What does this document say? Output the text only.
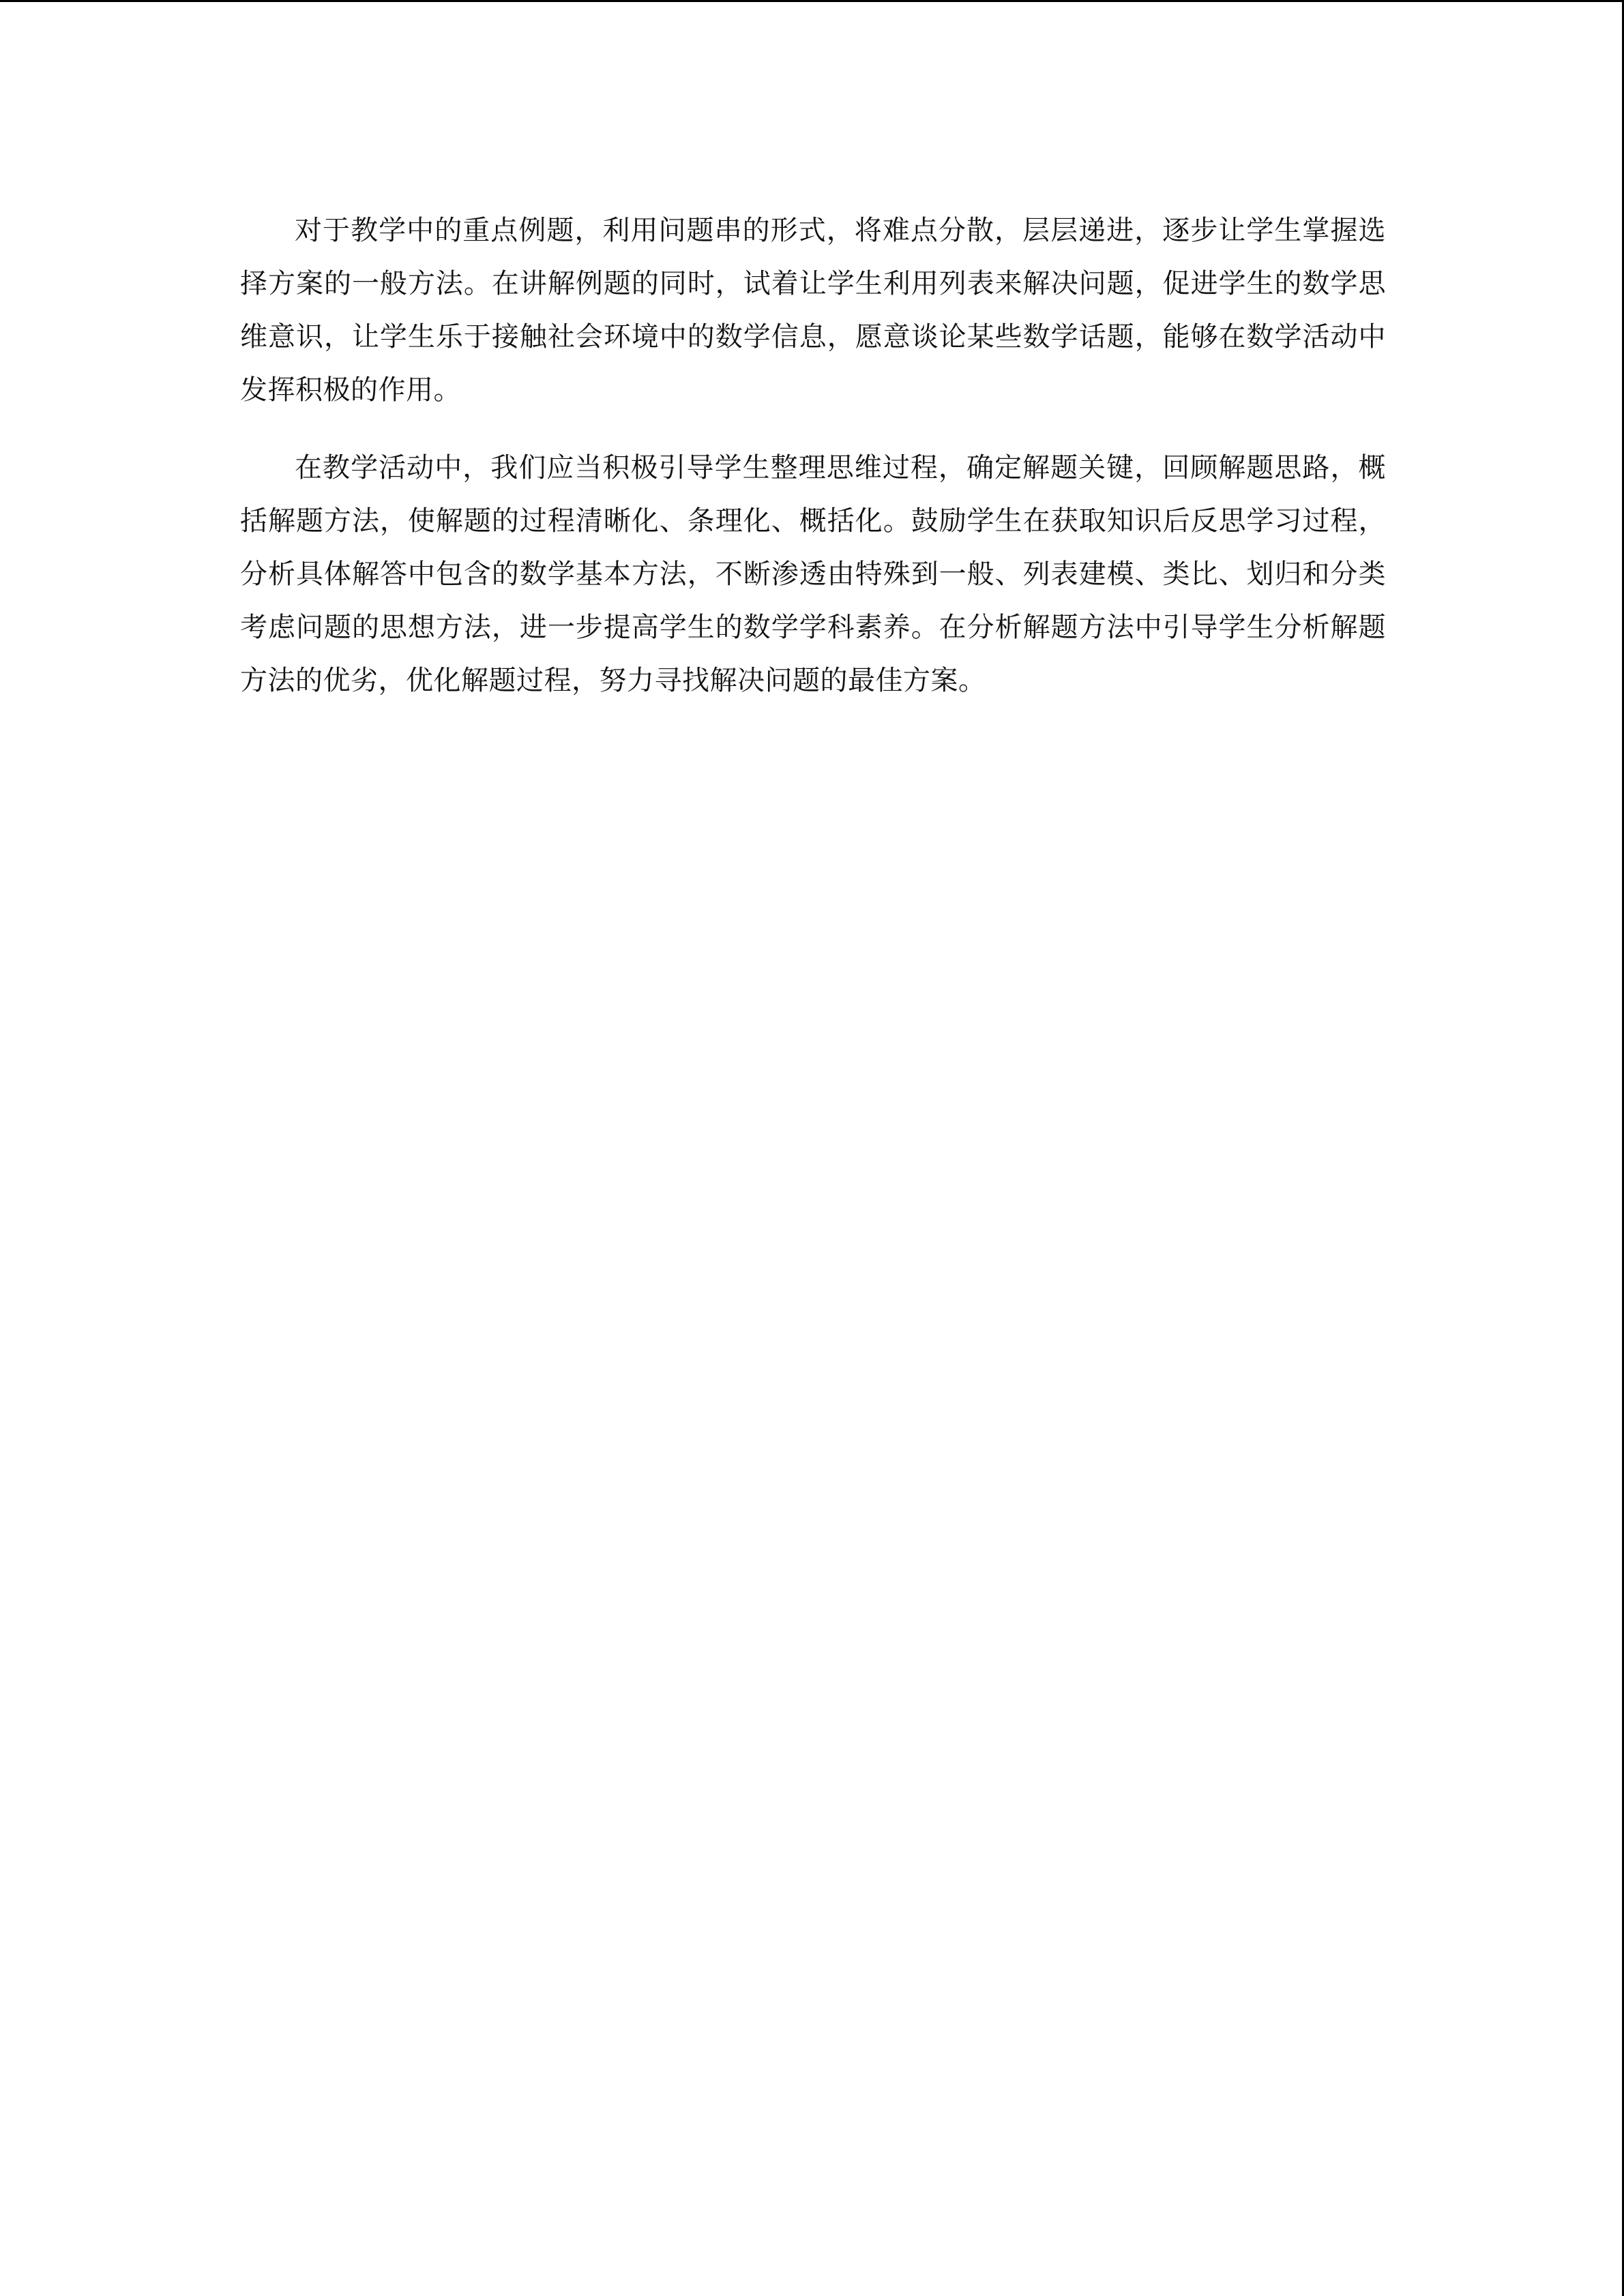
对于教学中的重点例题，利用问题串的形式，将难点分散，层层递进，逐步让学生掌握选择方案的一般方法。在讲解例题的同时，试着让学生利用列表来解决问题，促进学生的数学思维意识，让学生乐于接触社会环境中的数学信息，愿意谈论某些数学话题，能够在数学活动中发挥积极的作用。

在教学活动中，我们应当积极引导学生整理思维过程，确定解题关键，回顾解题思路，概括解题方法，使解题的过程清晰化、条理化、概括化。鼓励学生在获取知识后反思学习过程，分析具体解答中包含的数学基本方法，不断渗透由特殊到一般、列表建模、类比、划归和分类考虑问题的思想方法，进一步提高学生的数学学科素养。在分析解题方法中引导学生分析解题方法的优劣，优化解题过程，努力寻找解决问题的最佳方案。
